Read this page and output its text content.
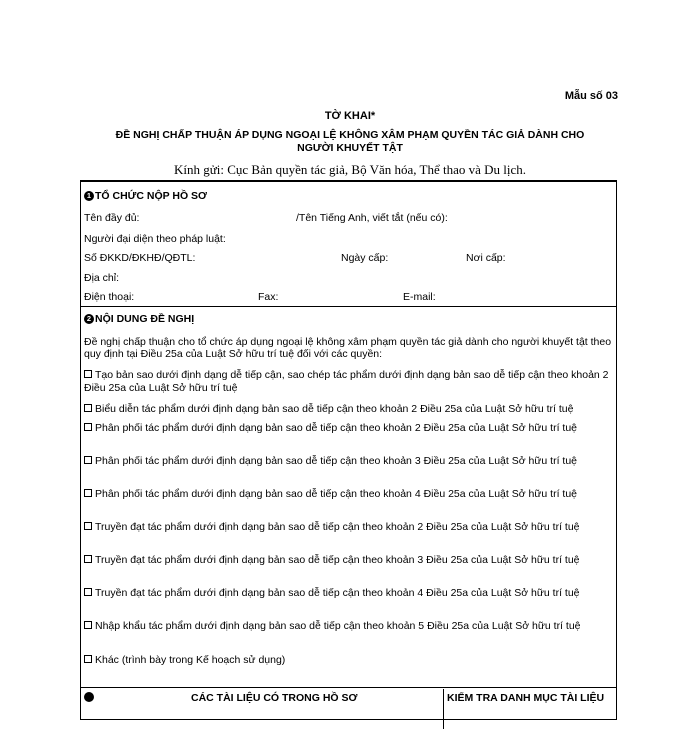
Mẫu số 03
TỜ KHAI*
ĐỀ NGHỊ CHẤP THUẬN ÁP DỤNG NGOẠI LỆ KHÔNG XÂM PHẠM QUYỀN TÁC GIẢ DÀNH CHO NGƯỜI KHUYẾT TẬT
Kính gửi: Cục Bản quyền tác giả, Bộ Văn hóa, Thể thao và Du lịch.
1 TỔ CHỨC NỘP HỒ SƠ
Tên đầy đủ:	/Tên Tiếng Anh, viết tắt (nếu có):
Người đại diện theo pháp luật:
Số ĐKKD/ĐKHĐ/QĐTL:	Ngày cấp:	Nơi cấp:
Địa chỉ:
Điện thoại:	Fax:	E-mail:
2 NỘI DUNG ĐỀ NGHỊ
Đề nghị chấp thuận cho tổ chức áp dụng ngoại lệ không xâm phạm quyền tác giả dành cho người khuyết tật theo quy định tại Điều 25a của Luật Sở hữu trí tuệ đối với các quyền:
Tạo bản sao dưới định dạng dễ tiếp cận, sao chép tác phẩm dưới định dạng bản sao dễ tiếp cận theo khoản 2 Điều 25a của Luật Sở hữu trí tuệ
Biểu diễn tác phẩm dưới định dạng bản sao dễ tiếp cận theo khoản 2 Điều 25a của Luật Sở hữu trí tuệ
Phân phối tác phẩm dưới định dạng bản sao dễ tiếp cận theo khoản 2 Điều 25a của Luật Sở hữu trí tuệ
Phân phối tác phẩm dưới định dạng bản sao dễ tiếp cận theo khoản 3 Điều 25a của Luật Sở hữu trí tuệ
Phân phối tác phẩm dưới định dạng bản sao dễ tiếp cận theo khoản 4 Điều 25a của Luật Sở hữu trí tuệ
Truyền đạt tác phẩm dưới định dạng bản sao dễ tiếp cận theo khoản 2 Điều 25a của Luật Sở hữu trí tuệ
Truyền đạt tác phẩm dưới định dạng bản sao dễ tiếp cận theo khoản 3 Điều 25a của Luật Sở hữu trí tuệ
Truyền đạt tác phẩm dưới định dạng bản sao dễ tiếp cận theo khoản 4 Điều 25a của Luật Sở hữu trí tuệ
Nhập khẩu tác phẩm dưới định dạng bản sao dễ tiếp cận theo khoản 5 Điều 25a của Luật Sở hữu trí tuệ
Khác (trình bày trong Kế hoạch sử dụng)
CÁC TÀI LIỆU CÓ TRONG HỒ SƠ	KIỂM TRA DANH MỤC TÀI LIỆU
